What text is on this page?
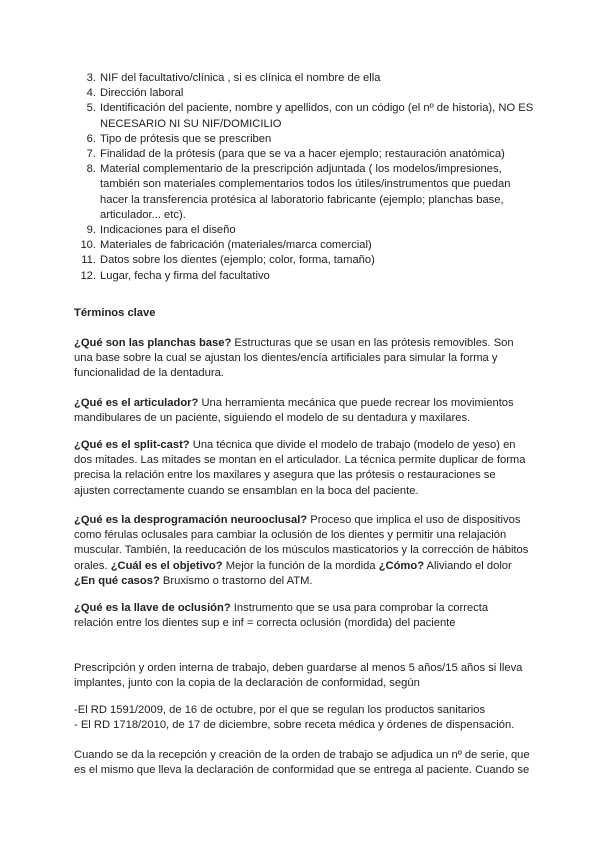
3. NIF del facultativo/clínica , si es clínica el nombre de ella
4. Dirección laboral
5. Identificación del paciente, nombre y apellidos, con un código (el nº de historia), NO ES NECESARIO NI SU NIF/DOMICILIO
6. Tipo de prótesis que se prescriben
7. Finalidad de la prótesis (para que se va a hacer ejemplo; restauración anatómica)
8. Material complementario de la prescripción adjuntada ( los modelos/impresiones, también son materiales complementarios todos los útiles/instrumentos que puedan hacer la transferencia protésica al laboratorio fabricante (ejemplo; planchas base, articulador... etc).
9. Indicaciones para el diseño
10. Materiales de fabricación (materiales/marca comercial)
11. Datos sobre los dientes (ejemplo; color, forma, tamaño)
12. Lugar, fecha y firma del facultativo

Términos clave

¿Qué son las planchas base? Estructuras que se usan en las prótesis removibles. Son una base sobre la cual se ajustan los dientes/encía artificiales para simular la forma y funcionalidad de la dentadura.

¿Qué es el articulador? Una herramienta mecánica que puede recrear los movimientos mandibulares de un paciente, siguiendo el modelo de su dentadura y maxilares.

¿Qué es el split-cast? Una técnica que divide el modelo de trabajo (modelo de yeso) en dos mitades. Las mitades se montan en el articulador. La técnica permite duplicar de forma precisa la relación entre los maxilares y asegura que las prótesis o restauraciones se ajusten correctamente cuando se ensamblan en la boca del paciente.

¿Qué es la desprogramación neurooclusal? Proceso que implica el uso de dispositivos como férulas oclusales para cambiar la oclusión de los dientes y permitir una relajación muscular. También, la reeducación de los músculos masticatorios y la corrección de hábitos orales. ¿Cuál es el objetivo? Mejor la función de la mordida ¿Cómo? Aliviando el dolor ¿En qué casos? Bruxismo o trastorno del ATM.

¿Qué es la llave de oclusión? Instrumento que se usa para comprobar la correcta relación entre los dientes sup e inf = correcta oclusión (mordida) del paciente

Prescripción y orden interna de trabajo, deben guardarse al menos 5 años/15 años si lleva implantes, junto con la copia de la declaración de conformidad, según

-El RD 1591/2009, de 16 de octubre, por el que se regulan los productos sanitarios

- El RD 1718/2010, de 17 de diciembre, sobre receta médica y órdenes de dispensación.

Cuando se da la recepción y creación de la orden de trabajo se adjudica un nº de serie, que es el mismo que lleva la declaración de conformidad que se entrega al paciente. Cuando se
